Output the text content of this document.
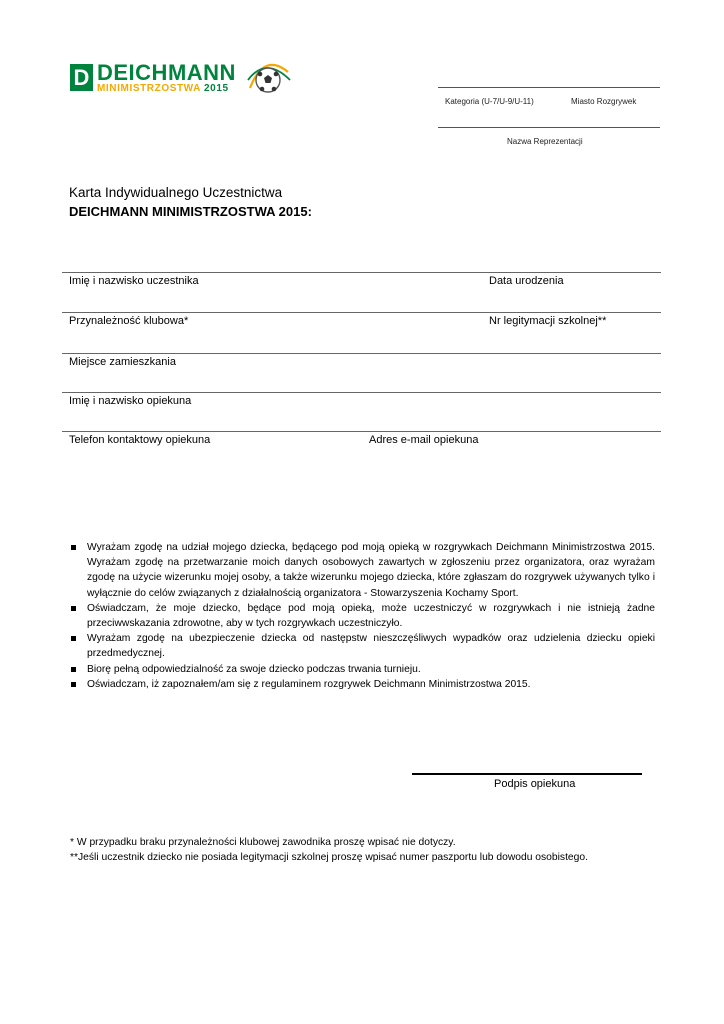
D DEICHMANN
MINIMISTRZOSTWA 2015
Kategoria (U-7/U-9/U-11)	Miasto Rozgrywek
Nazwa Reprezentacji
Karta Indywidualnego Uczestnictwa
DEICHMANN MINIMISTRZOSTWA 2015:
Imię i nazwisko uczestnika	Data urodzenia
Przynależność klubowa*	Nr legitymacji szkolnej**
Miejsce zamieszkania
Imię i nazwisko opiekuna
Telefon kontaktowy opiekuna	Adres e-mail opiekuna
Wyrażam zgodę na udział mojego dziecka, będącego pod moją opieką w rozgrywkach Deichmann Minimistrzostwa 2015. Wyrażam zgodę na przetwarzanie moich danych osobowych zawartych w zgłoszeniu przez organizatora, oraz wyrażam zgodę na użycie wizerunku mojej osoby, a także wizerunku mojego dziecka, które zgłaszam do rozgrywek używanych tylko i wyłącznie do celów związanych z działalnością organizatora - Stowarzyszenia Kochamy Sport.
Oświadczam, że moje dziecko, będące pod moją opieką, może uczestniczyć w rozgrywkach i nie istnieją żadne przeciwwskazania zdrowotne, aby w tych rozgrywkach uczestniczyło.
Wyrażam zgodę na ubezpieczenie dziecka od następstw nieszczęśliwych wypadków oraz udzielenia dziecku opieki przedmedycznej.
Biorę pełną odpowiedzialność za swoje dziecko podczas trwania turnieju.
Oświadczam, iż zapoznałem/am się z regulaminem rozgrywek Deichmann Minimistrzostwa 2015.
Podpis opiekuna
* W przypadku braku przynależności klubowej zawodnika proszę wpisać nie dotyczy.
**Jeśli uczestnik dziecko nie posiada legitymacji szkolnej proszę wpisać numer paszportu lub dowodu osobistego.
